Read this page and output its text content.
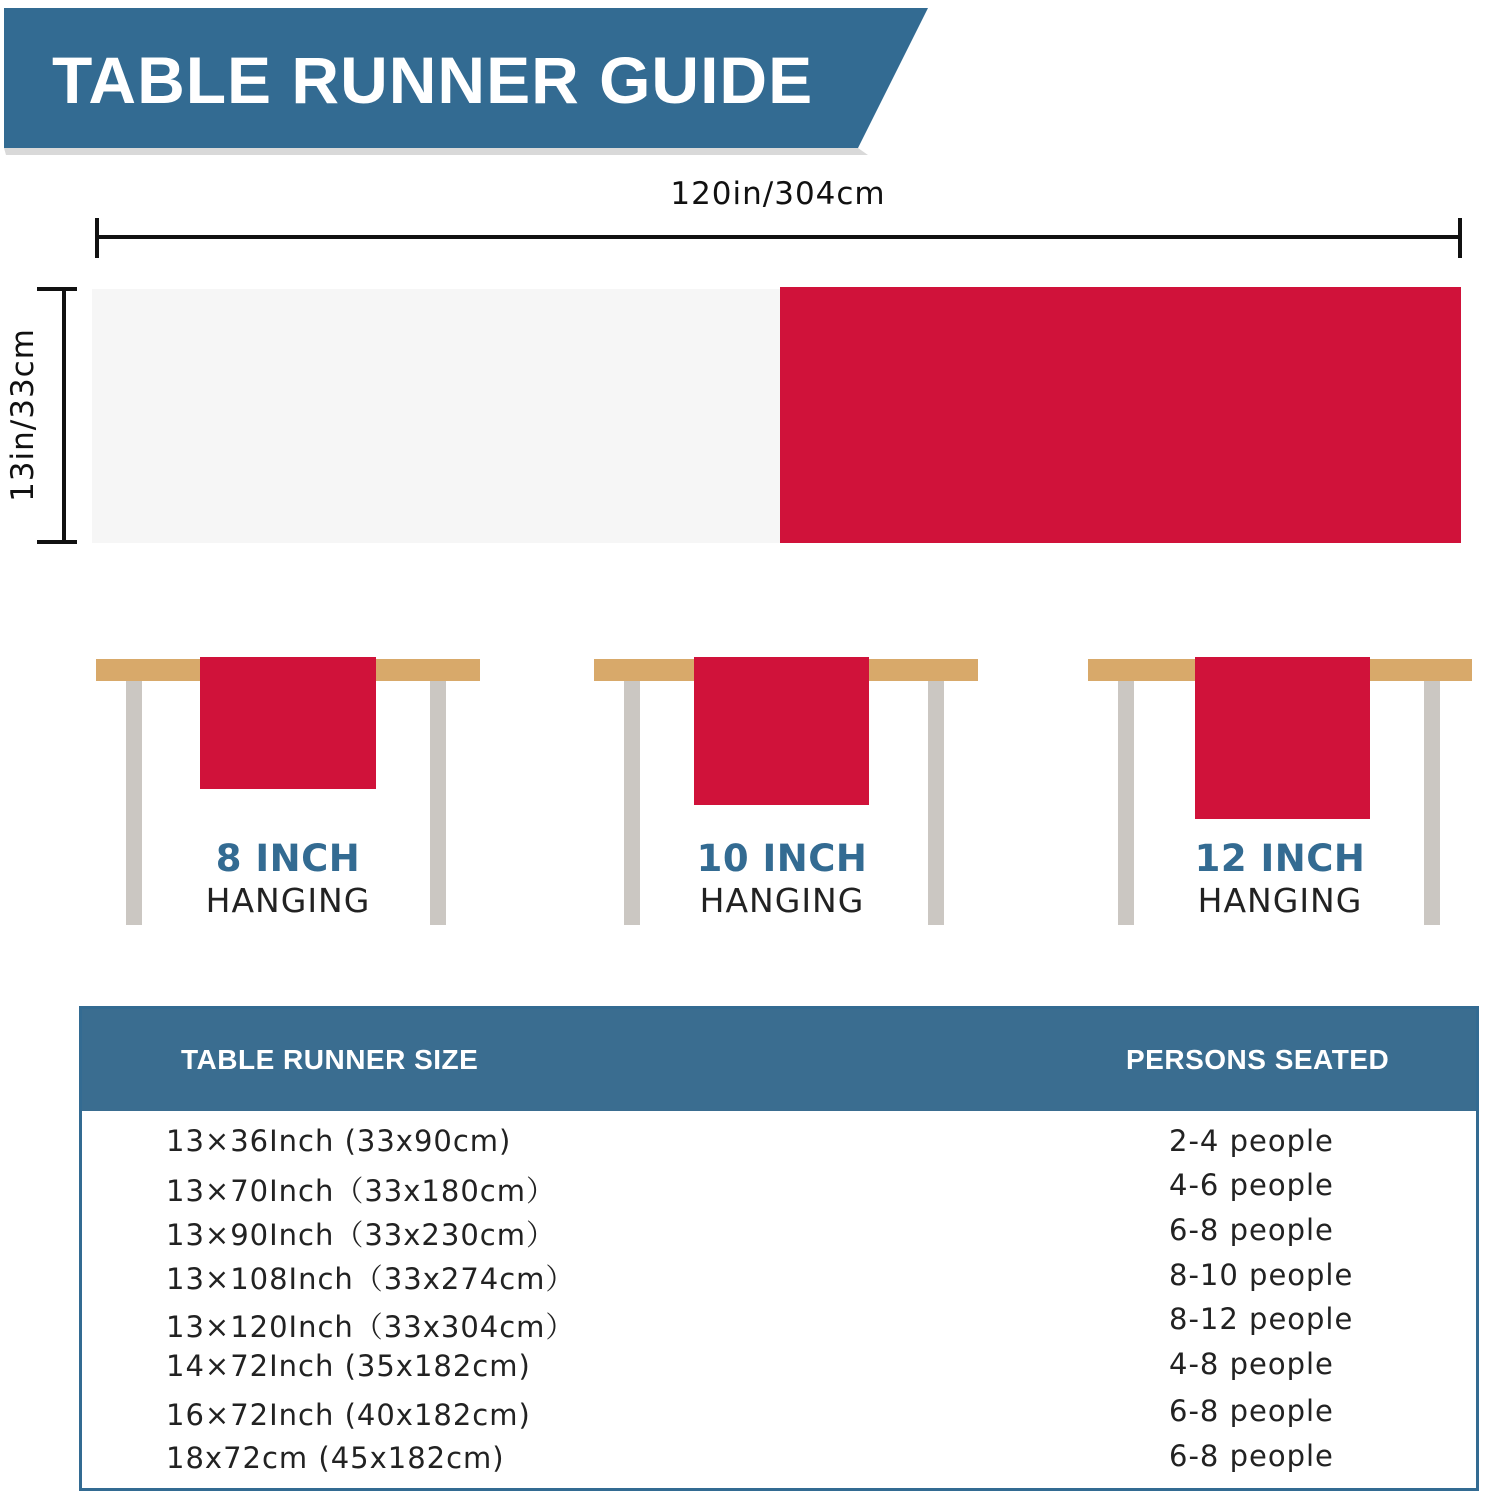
TABLE RUNNER GUIDE
120in/304cm
13in/33cm
8 INCH
HANGING
10 INCH
HANGING
12 INCH
HANGING
TABLE RUNNER SIZE	PERSONS SEATED
13×36Inch (33x90cm)	2-4 people
13×70Inch（33x180cm）	4-6 people
13×90Inch（33x230cm）	6-8 people
13×108Inch（33x274cm）	8-10 people
13×120Inch（33x304cm）	8-12 people
14×72Inch (35x182cm)	4-8 people
16×72Inch (40x182cm)	6-8 people
18x72cm (45x182cm)	6-8 people
